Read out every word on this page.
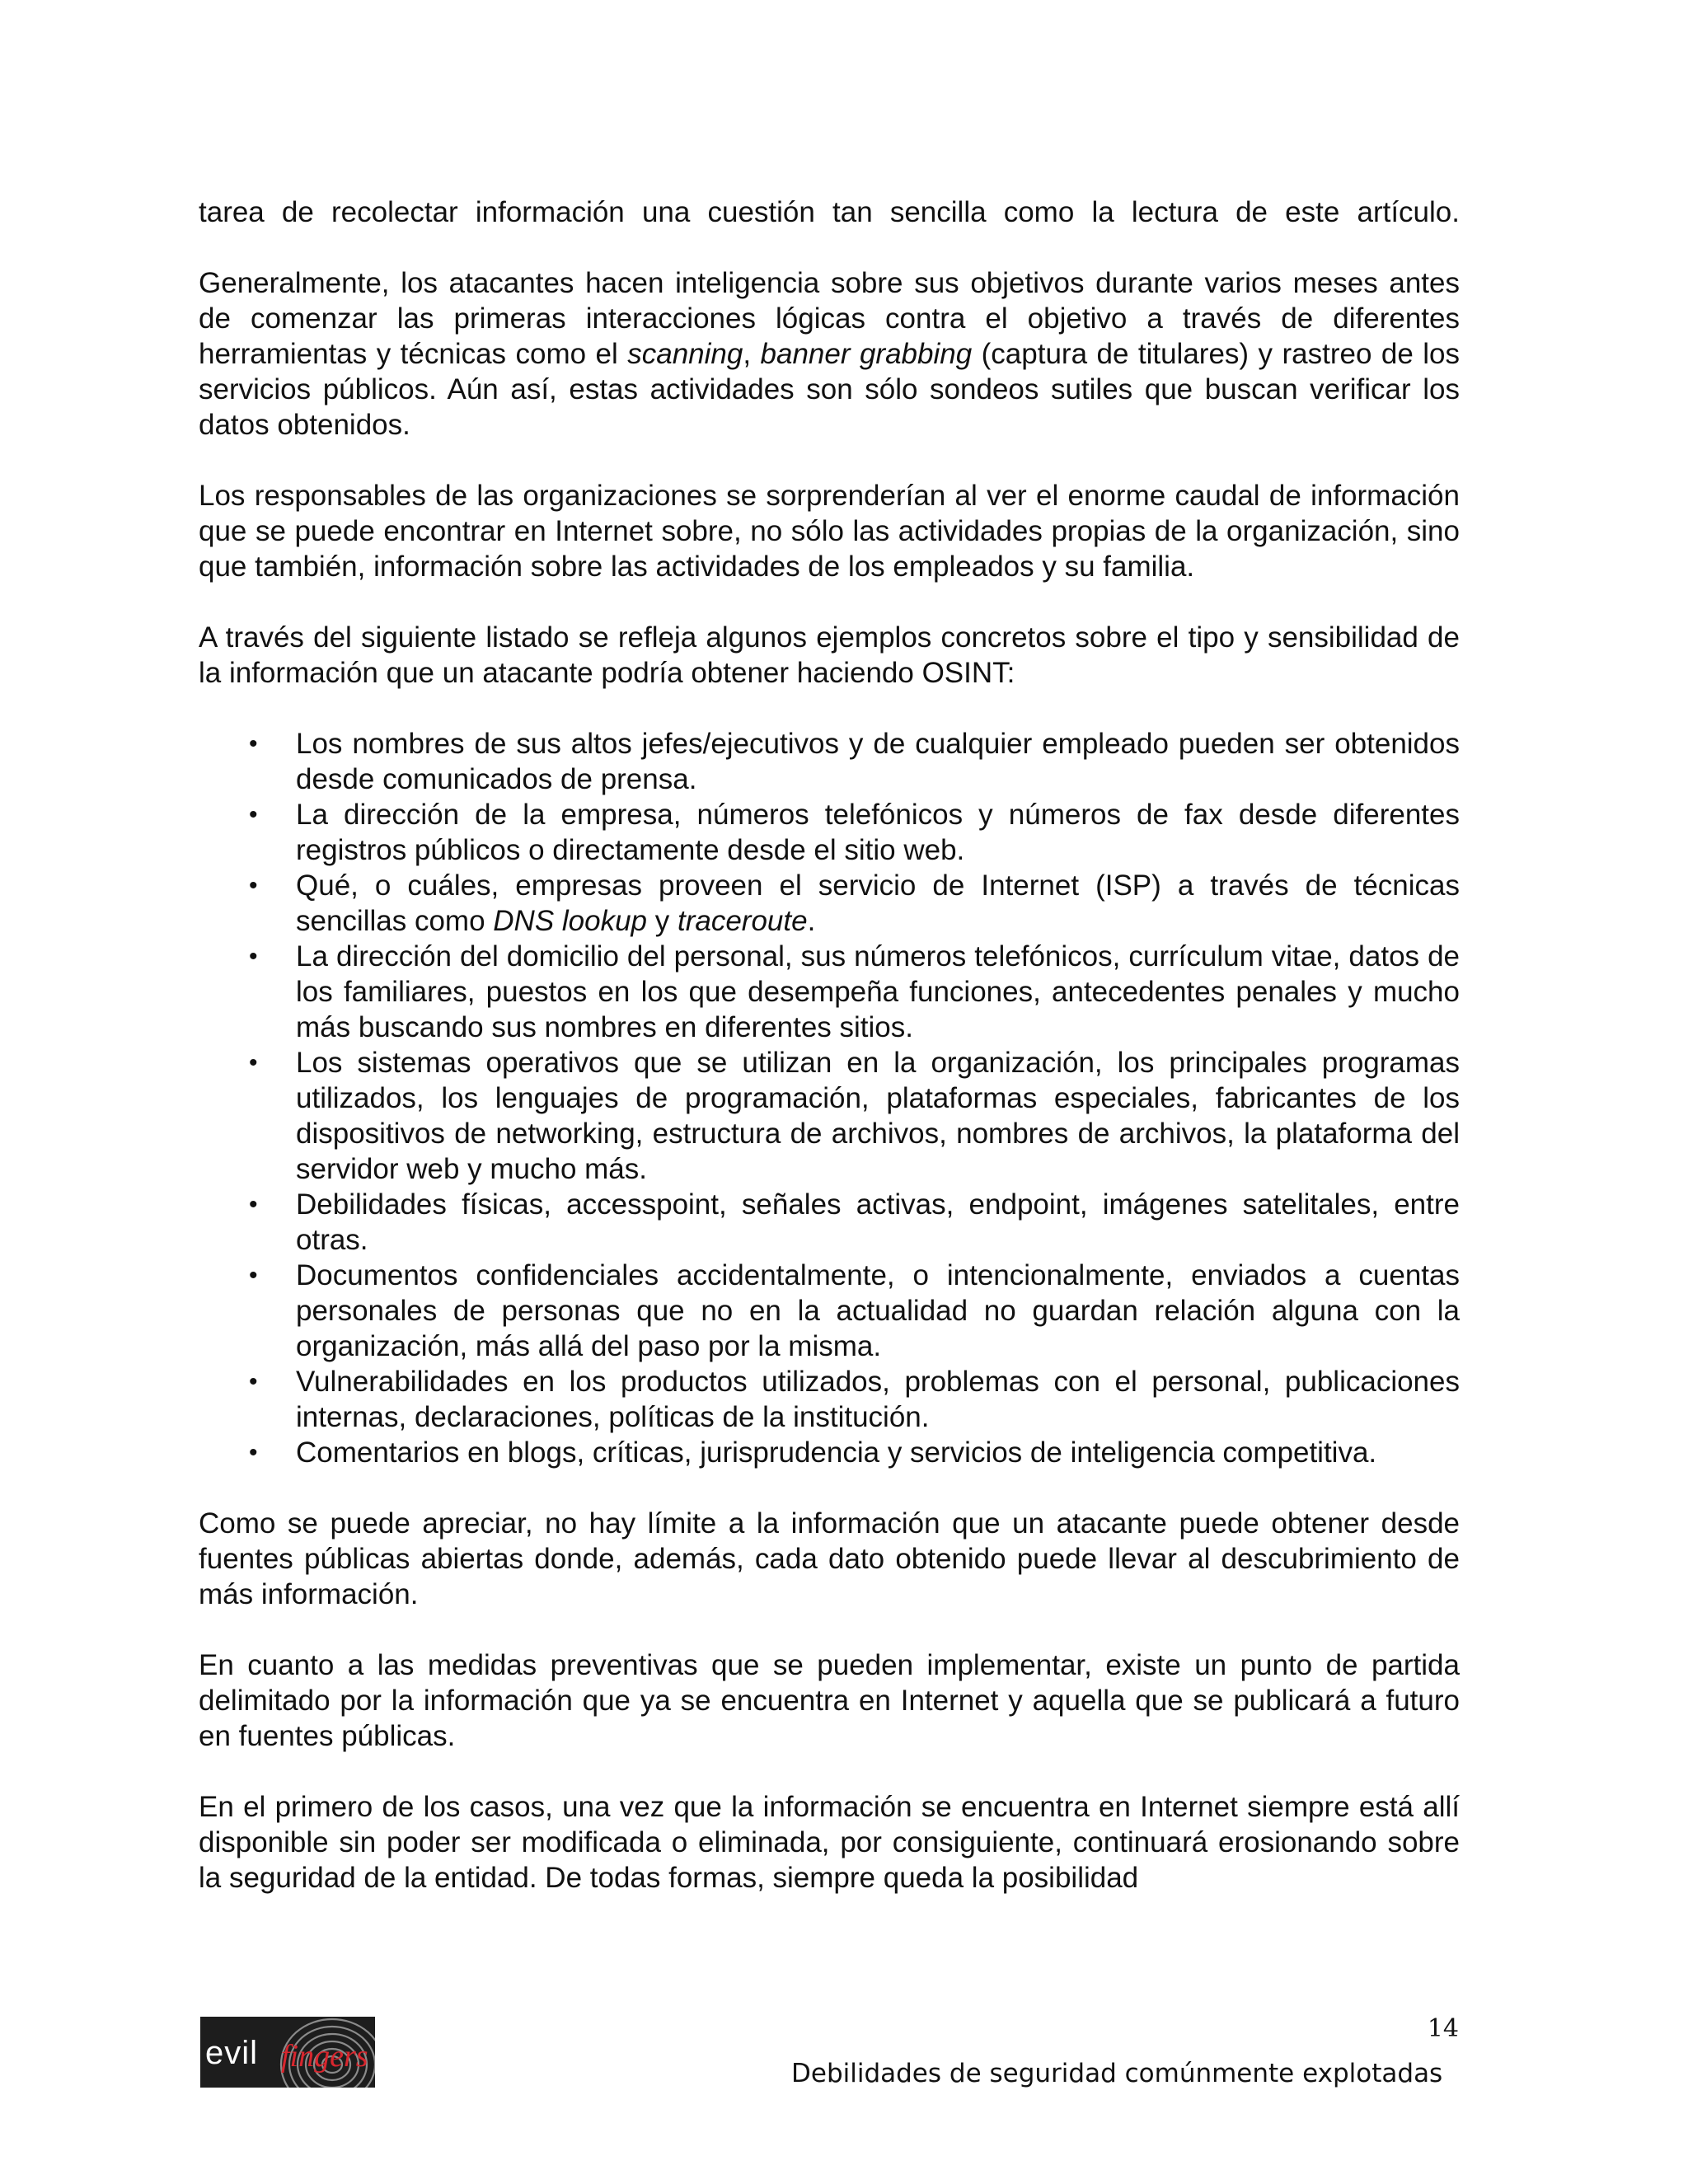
tarea de recolectar información una cuestión tan sencilla como la lectura de este artículo.

Generalmente, los atacantes hacen inteligencia sobre sus objetivos durante varios meses antes de comenzar las primeras interacciones lógicas contra el objetivo a través de diferentes herramientas y técnicas como el scanning, banner grabbing (captura de titulares) y rastreo de los servicios públicos. Aún así, estas actividades son sólo sondeos sutiles que buscan verificar los datos obtenidos.

Los responsables de las organizaciones se sorprenderían al ver el enorme caudal de información que se puede encontrar en Internet sobre, no sólo las actividades propias de la organización, sino que también, información sobre las actividades de los empleados y su familia.

A través del siguiente listado se refleja algunos ejemplos concretos sobre el tipo y sensibilidad de la información que un atacante podría obtener haciendo OSINT:

• Los nombres de sus altos jefes/ejecutivos y de cualquier empleado pueden ser obtenidos desde comunicados de prensa.
• La dirección de la empresa, números telefónicos y números de fax desde diferentes registros públicos o directamente desde el sitio web.
• Qué, o cuáles, empresas proveen el servicio de Internet (ISP) a través de técnicas sencillas como DNS lookup y traceroute.
• La dirección del domicilio del personal, sus números telefónicos, currículum vitae, datos de los familiares, puestos en los que desempeña funciones, antecedentes penales y mucho más buscando sus nombres en diferentes sitios.
• Los sistemas operativos que se utilizan en la organización, los principales programas utilizados, los lenguajes de programación, plataformas especiales, fabricantes de los dispositivos de networking, estructura de archivos, nombres de archivos, la plataforma del servidor web y mucho más.
• Debilidades físicas, accesspoint, señales activas, endpoint, imágenes satelitales, entre otras.
• Documentos confidenciales accidentalmente, o intencionalmente, enviados a cuentas personales de personas que no en la actualidad no guardan relación alguna con la organización, más allá del paso por la misma.
• Vulnerabilidades en los productos utilizados, problemas con el personal, publicaciones internas, declaraciones, políticas de la institución.
• Comentarios en blogs, críticas, jurisprudencia y servicios de inteligencia competitiva.

Como se puede apreciar, no hay límite a la información que un atacante puede obtener desde fuentes públicas abiertas donde, además, cada dato obtenido puede llevar al descubrimiento de más información.

En cuanto a las medidas preventivas que se pueden implementar, existe un punto de partida delimitado por la información que ya se encuentra en Internet y aquella que se publicará a futuro en fuentes públicas.

En el primero de los casos, una vez que la información se encuentra en Internet siempre está allí disponible sin poder ser modificada o eliminada, por consiguiente, continuará erosionando sobre la seguridad de la entidad. De todas formas, siempre queda la posibilidad

evil fingers
14
Debilidades de seguridad comúnmente explotadas
